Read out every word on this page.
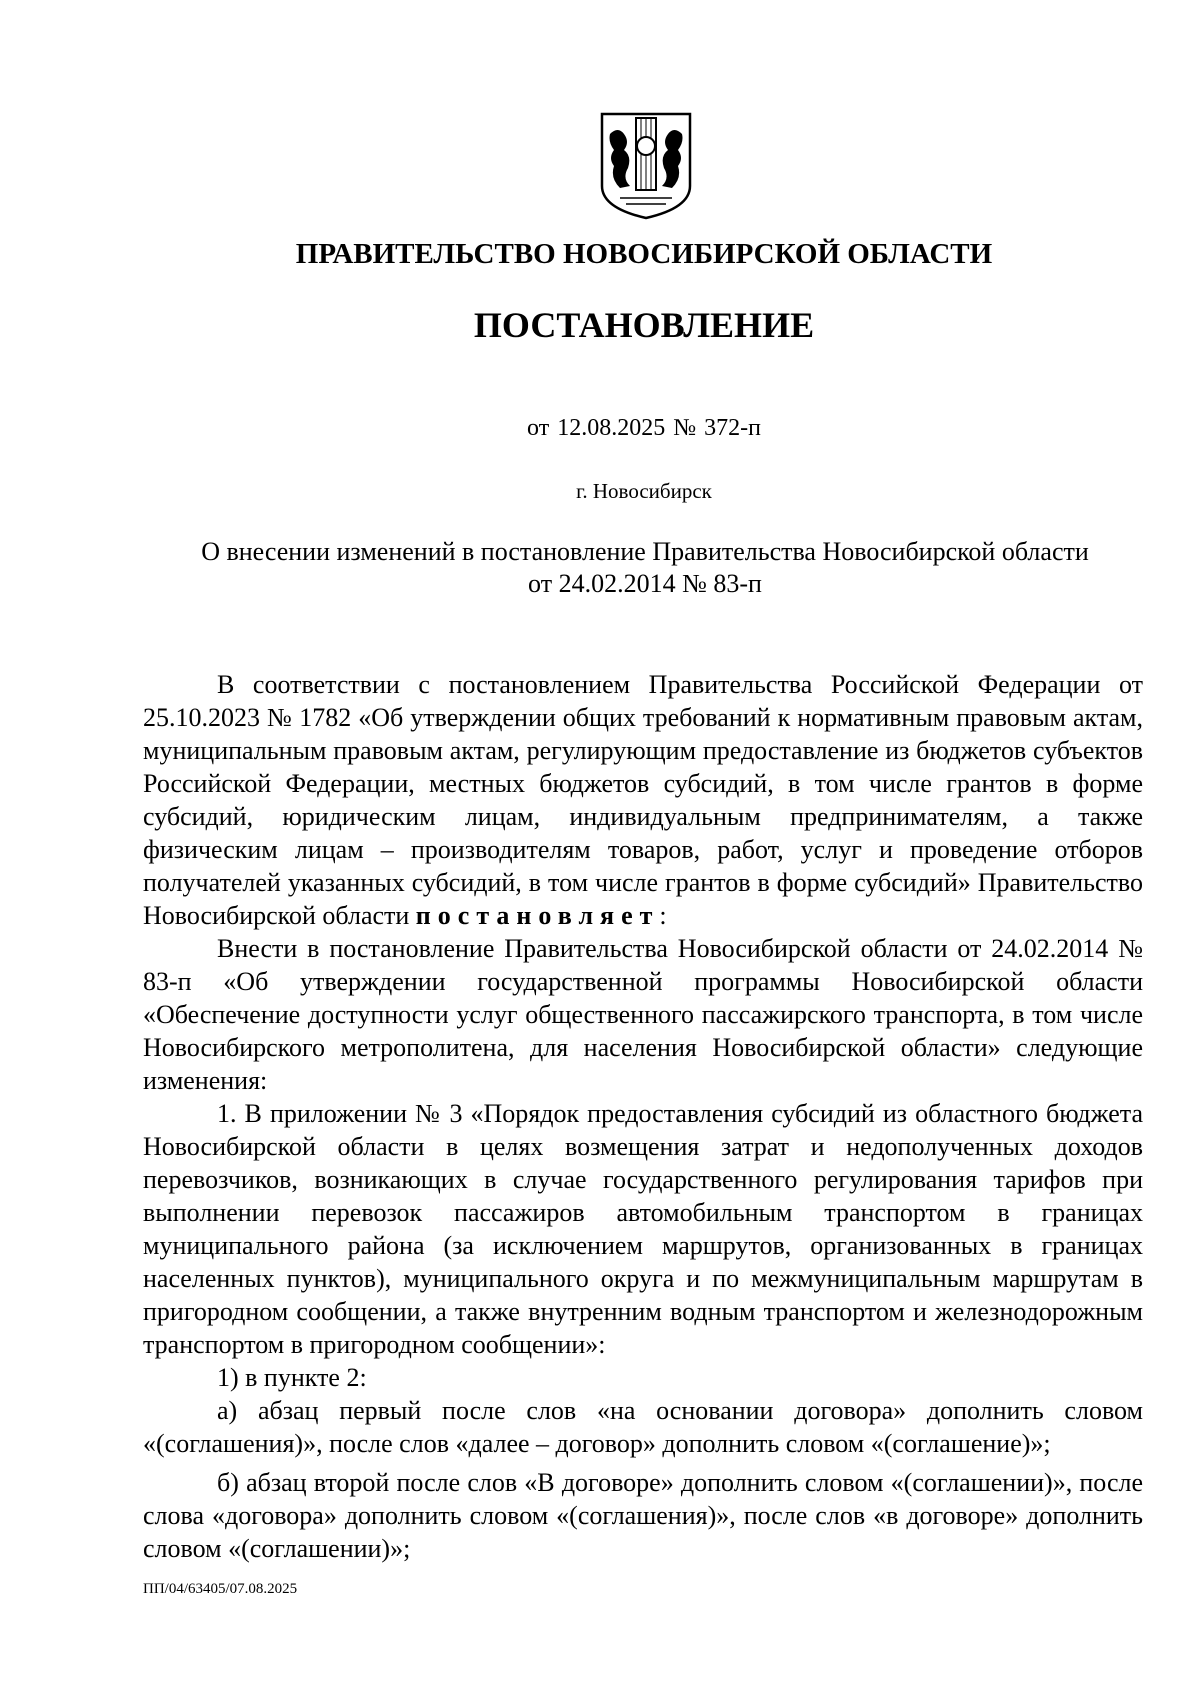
ПРАВИТЕЛЬСТВО НОВОСИБИРСКОЙ ОБЛАСТИ
ПОСТАНОВЛЕНИЕ
от 12.08.2025 № 372-п
г. Новосибирск
О внесении изменений в постановление Правительства Новосибирской области
от 24.02.2014 № 83-п

В соответствии с постановлением Правительства Российской Федерации от 25.10.2023 № 1782 «Об утверждении общих требований к нормативным правовым актам, муниципальным правовым актам, регулирующим предоставление из бюджетов субъектов Российской Федерации, местных бюджетов субсидий, в том числе грантов в форме субсидий, юридическим лицам, индивидуальным предпринимателям, а также физическим лицам – производителям товаров, работ, услуг и проведение отборов получателей указанных субсидий, в том числе грантов в форме субсидий» Правительство Новосибирской области постановляет:

Внести в постановление Правительства Новосибирской области от 24.02.2014 № 83-п «Об утверждении государственной программы Новосибирской области «Обеспечение доступности услуг общественного пассажирского транспорта, в том числе Новосибирского метрополитена, для населения Новосибирской области» следующие изменения:

1. В приложении № 3 «Порядок предоставления субсидий из областного бюджета Новосибирской области в целях возмещения затрат и недополученных доходов перевозчиков, возникающих в случае государственного регулирования тарифов при выполнении перевозок пассажиров автомобильным транспортом в границах муниципального района (за исключением маршрутов, организованных в границах населенных пунктов), муниципального округа и по межмуниципальным маршрутам в пригородном сообщении, а также внутренним водным транспортом и железнодорожным транспортом в пригородном сообщении»:

1) в пункте 2:

а) абзац первый после слов «на основании договора» дополнить словом «(соглашения)», после слов «далее – договор» дополнить словом «(соглашение)»;

б) абзац второй после слов «В договоре» дополнить словом «(соглашении)», после слова «договора» дополнить словом «(соглашения)», после слов «в договоре» дополнить словом «(соглашении)»;

ПП/04/63405/07.08.2025
